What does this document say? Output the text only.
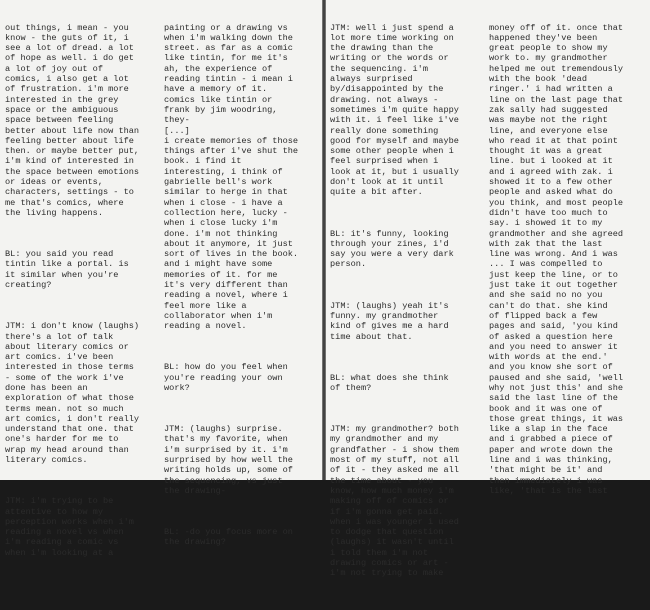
out things, i mean - you
know - the guts of it, i
see a lot of dread. a lot
of hope as well. i do get
a lot of joy out of
comics, i also get a lot
of frustration. i'm more
interested in the grey
space or the ambiguous
space between feeling
better about life now than
feeling better about life
then. or maybe better put,
i'm kind of interested in
the space between emotions
or ideas or events,
characters, settings - to
me that's comics, where
the living happens.

BL: you said you read
tintin like a portal. is
it similar when you're
creating?

JTM: i don't know (laughs)
there's a lot of talk
about literary comics or
art comics. i've been
interested in those terms
- some of the work i've
done has been an
exploration of what those
terms mean. not so much
art comics, i don't really
understand that one. that
one's harder for me to
wrap my head around than
literary comics.

JTM: i'm trying to be
attentive to how my
perception works when i'm
reading a novel vs when
i'm reading a comic vs
when i'm looking at a

painting or a drawing vs
when i'm walking down the
street. as far as a comic
like tintin, for me it's
ah, the experience of
reading tintin - i mean i
have a memory of it.
comics like tintin or
frank by jim woodring,
they-
[...]
i create memories of those
things after i've shut the
book. i find it
interesting, i think of
gabrielle bell's work
similar to herge in that
when i close - i have a
collection here, lucky -
when i close lucky i'm
done. i'm not thinking
about it anymore, it just
sort of lives in the book.
and i might have some
memories of it. for me
it's very different than
reading a novel, where i
feel more like a
collaborator when i'm
reading a novel.

BL: how do you feel when
you're reading your own
work?

JTM: (laughs) surprise.
that's my favorite, when
i'm surprised by it. i'm
surprised by how well the
writing holds up, some of
the sequencing, vs just
the drawing-

BL: -do you focus more on
the drawing?

JTM: well i just spend a
lot more time working on
the drawing than the
writing or the words or
the sequencing. i'm
always surprised
by/disappointed by the
drawing. not always -
sometimes i'm quite happy
with it. i feel like i've
really done something
good for myself and maybe
some other people when i
feel surprised when i
look at it, but i usually
don't look at it until
quite a bit after.

BL: it's funny, looking
through your zines, i'd
say you were a very dark
person.

JTM: (laughs) yeah it's
funny. my grandmother
kind of gives me a hard
time about that.

BL: what does she think
of them?

JTM: my grandmother? both
my grandmother and my
grandfather - i show them
most of my stuff, not all
of it - they asked me all
the time about - you
know, how much money i'm
making off of comics or
if i'm gonna get paid.
when i was younger i used
to dodge that question
(laughs) it wasn't until
i told them i'm not
drawing comics or art -
i'm not trying to make

money off of it. once that
happened they've been
great people to show my
work to. my grandmother
helped me out tremendously
with the book 'dead
ringer.' i had written a
line on the last page that
zak sally had suggested
was maybe not the right
line, and everyone else
who read it at that point
thought it was a great
line. but i looked at it
and i agreed with zak. i
showed it to a few other
people and asked what do
you think, and most people
didn't have too much to
say. i showed it to my
grandmother and she agreed
with zak that the last
line was wrong. And i was
... I was compelled to
just keep the line, or to
just take it out together
and she said no no you
can't do that. she kind
of flipped back a few
pages and said, 'you kind
of asked a question here
and you need to answer it
with words at the end.'
and you know she sort of
paused and she said, 'well
why not just this' and she
said the last line of the
book and it was one of
those great things, it was
like a slap in the face
and i grabbed a piece of
paper and wrote down the
line and i was thinking,
'that might be it' and
then immediately i was
like, 'that is the last
